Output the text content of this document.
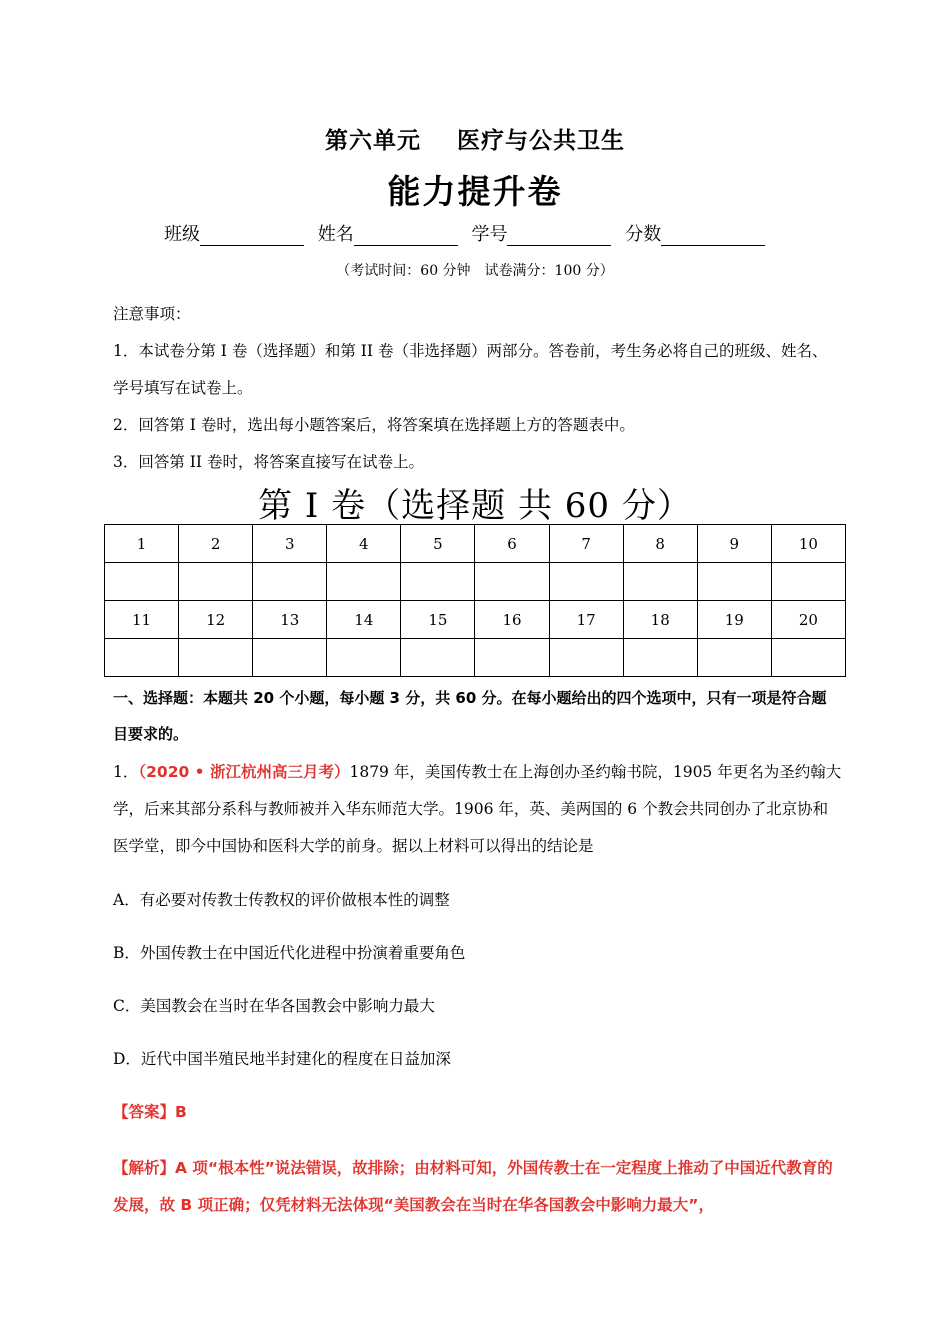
第六单元 医疗与公共卫生
能力提升卷
班级	姓名	学号	分数
（考试时间：60 分钟　试卷满分：100 分）

注意事项：

1．本试卷分第 I 卷（选择题）和第 II 卷（非选择题）两部分。答卷前，考生务必将自己的班级、姓名、学号填写在试卷上。

2．回答第 I 卷时，选出每小题答案后，将答案填在选择题上方的答题表中。

3．回答第 II 卷时，将答案直接写在试卷上。

第 I 卷（选择题 共 60 分）
1	2	3	4	5	6	7	8	9	10

11	12	13	14	15	16	17	18	19	20

一、选择题：本题共 20 个小题，每小题 3 分，共 60 分。在每小题给出的四个选项中，只有一项是符合题目要求的。
1．（2020 • 浙江杭州高三月考）1879 年，美国传教士在上海创办圣约翰书院，1905 年更名为圣约翰大学，后来其部分系科与教师被并入华东师范大学。1906 年，英、美两国的 6 个教会共同创办了北京协和医学堂，即今中国协和医科大学的前身。据以上材料可以得出的结论是
A．有必要对传教士传教权的评价做根本性的调整
B．外国传教士在中国近代化进程中扮演着重要角色
C．美国教会在当时在华各国教会中影响力最大
D．近代中国半殖民地半封建化的程度在日益加深
【答案】B
【解析】A 项“根本性”说法错误，故排除；由材料可知，外国传教士在一定程度上推动了中国近代教育的发展，故 B 项正确；仅凭材料无法体现“美国教会在当时在华各国教会中影响力最大”，
